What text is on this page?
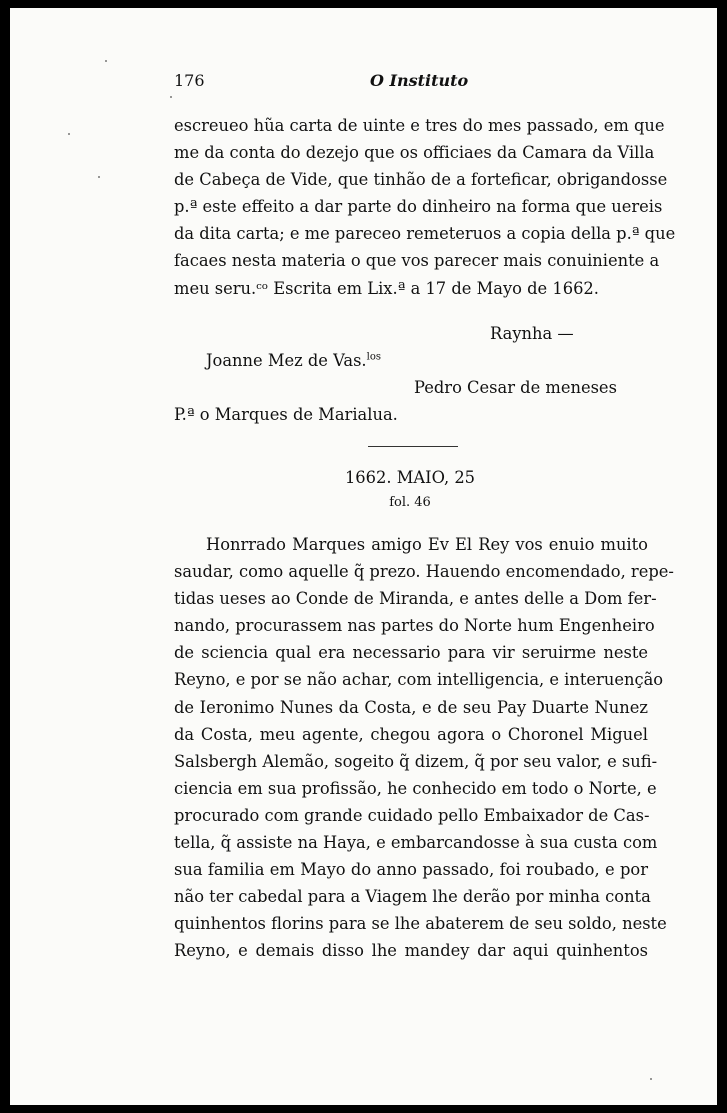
176	O Instituto
escreueo hũa carta de uinte e tres do mes passado, em que
me da conta do dezejo que os officiaes da Camara da Villa
de Cabeça de Vide, que tinhão de a forteficar, obrigandosse
p.ª este effeito a dar parte do dinheiro na forma que uereis
da dita carta; e me pareceo remeteruos a copia della p.ª que
facaes nesta materia o que vos parecer mais conuiniente a
meu seru.ᶜᵒ Escrita em Lix.ª a 17 de Mayo de 1662.
Raynha —
Joanne Mez de Vas.$^{los}$
Pedro Cesar de meneses
P.ª o Marques de Marialua.
1662. MAIO, 25
fol. 46
Honrrado Marques amigo Ev El Rey vos enuio muito
saudar, como aquelle q̃ prezo. Hauendo encomendado, repe-
tidas ueses ao Conde de Miranda, e antes delle a Dom fer-
nando, procurassem nas partes do Norte hum Engenheiro
de sciencia qual era necessario para vir seruirme neste
Reyno, e por se não achar, com intelligencia, e interuenção
de Ieronimo Nunes da Costa, e de seu Pay Duarte Nunez
da Costa, meu agente, chegou agora o Choronel Miguel
Salsbergh Alemão, sogeito q̃ dizem, q̃ por seu valor, e sufi-
ciencia em sua profissão, he conhecido em todo o Norte, e
procurado com grande cuidado pello Embaixador de Cas-
tella, q̃ assiste na Haya, e embarcandosse à sua custa com
sua familia em Mayo do anno passado, foi roubado, e por
não ter cabedal para a Viagem lhe derão por minha conta
quinhentos florins para se lhe abaterem de seu soldo, neste
Reyno, e demais disso lhe mandey dar aqui quinhentos
